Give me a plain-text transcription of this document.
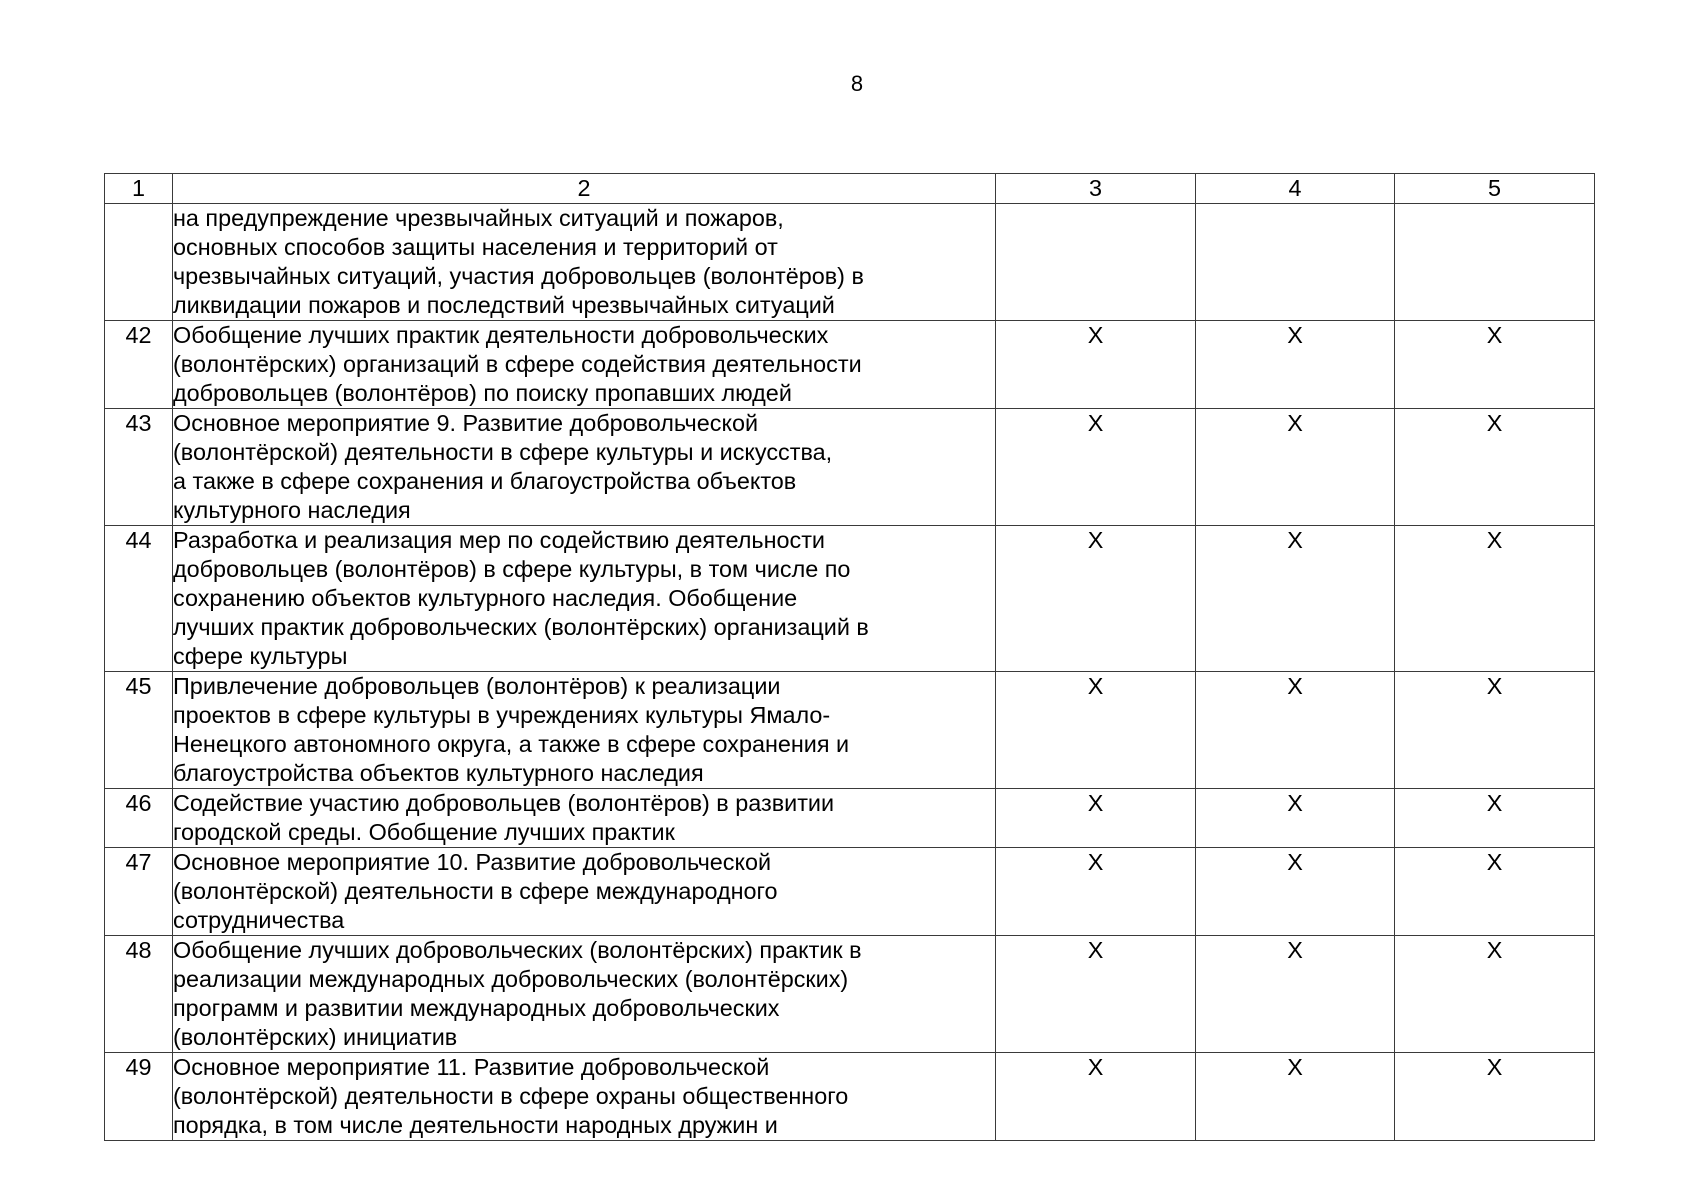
8
1	2	3	4	5

	на предупреждение чрезвычайных ситуаций и пожаров,
основных способов защиты населения и территорий от
чрезвычайных ситуаций, участия добровольцев (волонтёров) в
ликвидации пожаров и последствий чрезвычайных ситуаций			

42	Обобщение лучших практик деятельности добровольческих
(волонтёрских) организаций в сфере содействия деятельности
добровольцев (волонтёров) по поиску пропавших людей	Х	Х	Х
43	Основное мероприятие 9. Развитие добровольческой
(волонтёрской) деятельности в сфере культуры и искусства,
а также в сфере сохранения и благоустройства объектов
культурного наследия	Х	Х	Х
44	Разработка и реализация мер по содействию деятельности
добровольцев (волонтёров) в сфере культуры, в том числе по
сохранению объектов культурного наследия. Обобщение
лучших практик добровольческих (волонтёрских) организаций в
сфере культуры	Х	Х	Х
45	Привлечение добровольцев (волонтёров) к реализации
проектов в сфере культуры в учреждениях культуры Ямало-
Ненецкого автономного округа, а также в сфере сохранения и
благоустройства объектов культурного наследия	Х	Х	Х
46	Содействие участию добровольцев (волонтёров) в развитии
городской среды. Обобщение лучших практик	Х	Х	Х
47	Основное мероприятие 10. Развитие добровольческой
(волонтёрской) деятельности в сфере международного
сотрудничества	Х	Х	Х
48	Обобщение лучших добровольческих (волонтёрских) практик в
реализации международных добровольческих (волонтёрских)
программ и развитии международных добровольческих
(волонтёрских) инициатив	Х	Х	Х
49	Основное мероприятие 11. Развитие добровольческой
(волонтёрской) деятельности в сфере охраны общественного
порядка, в том числе деятельности народных дружин и	Х	Х	Х
